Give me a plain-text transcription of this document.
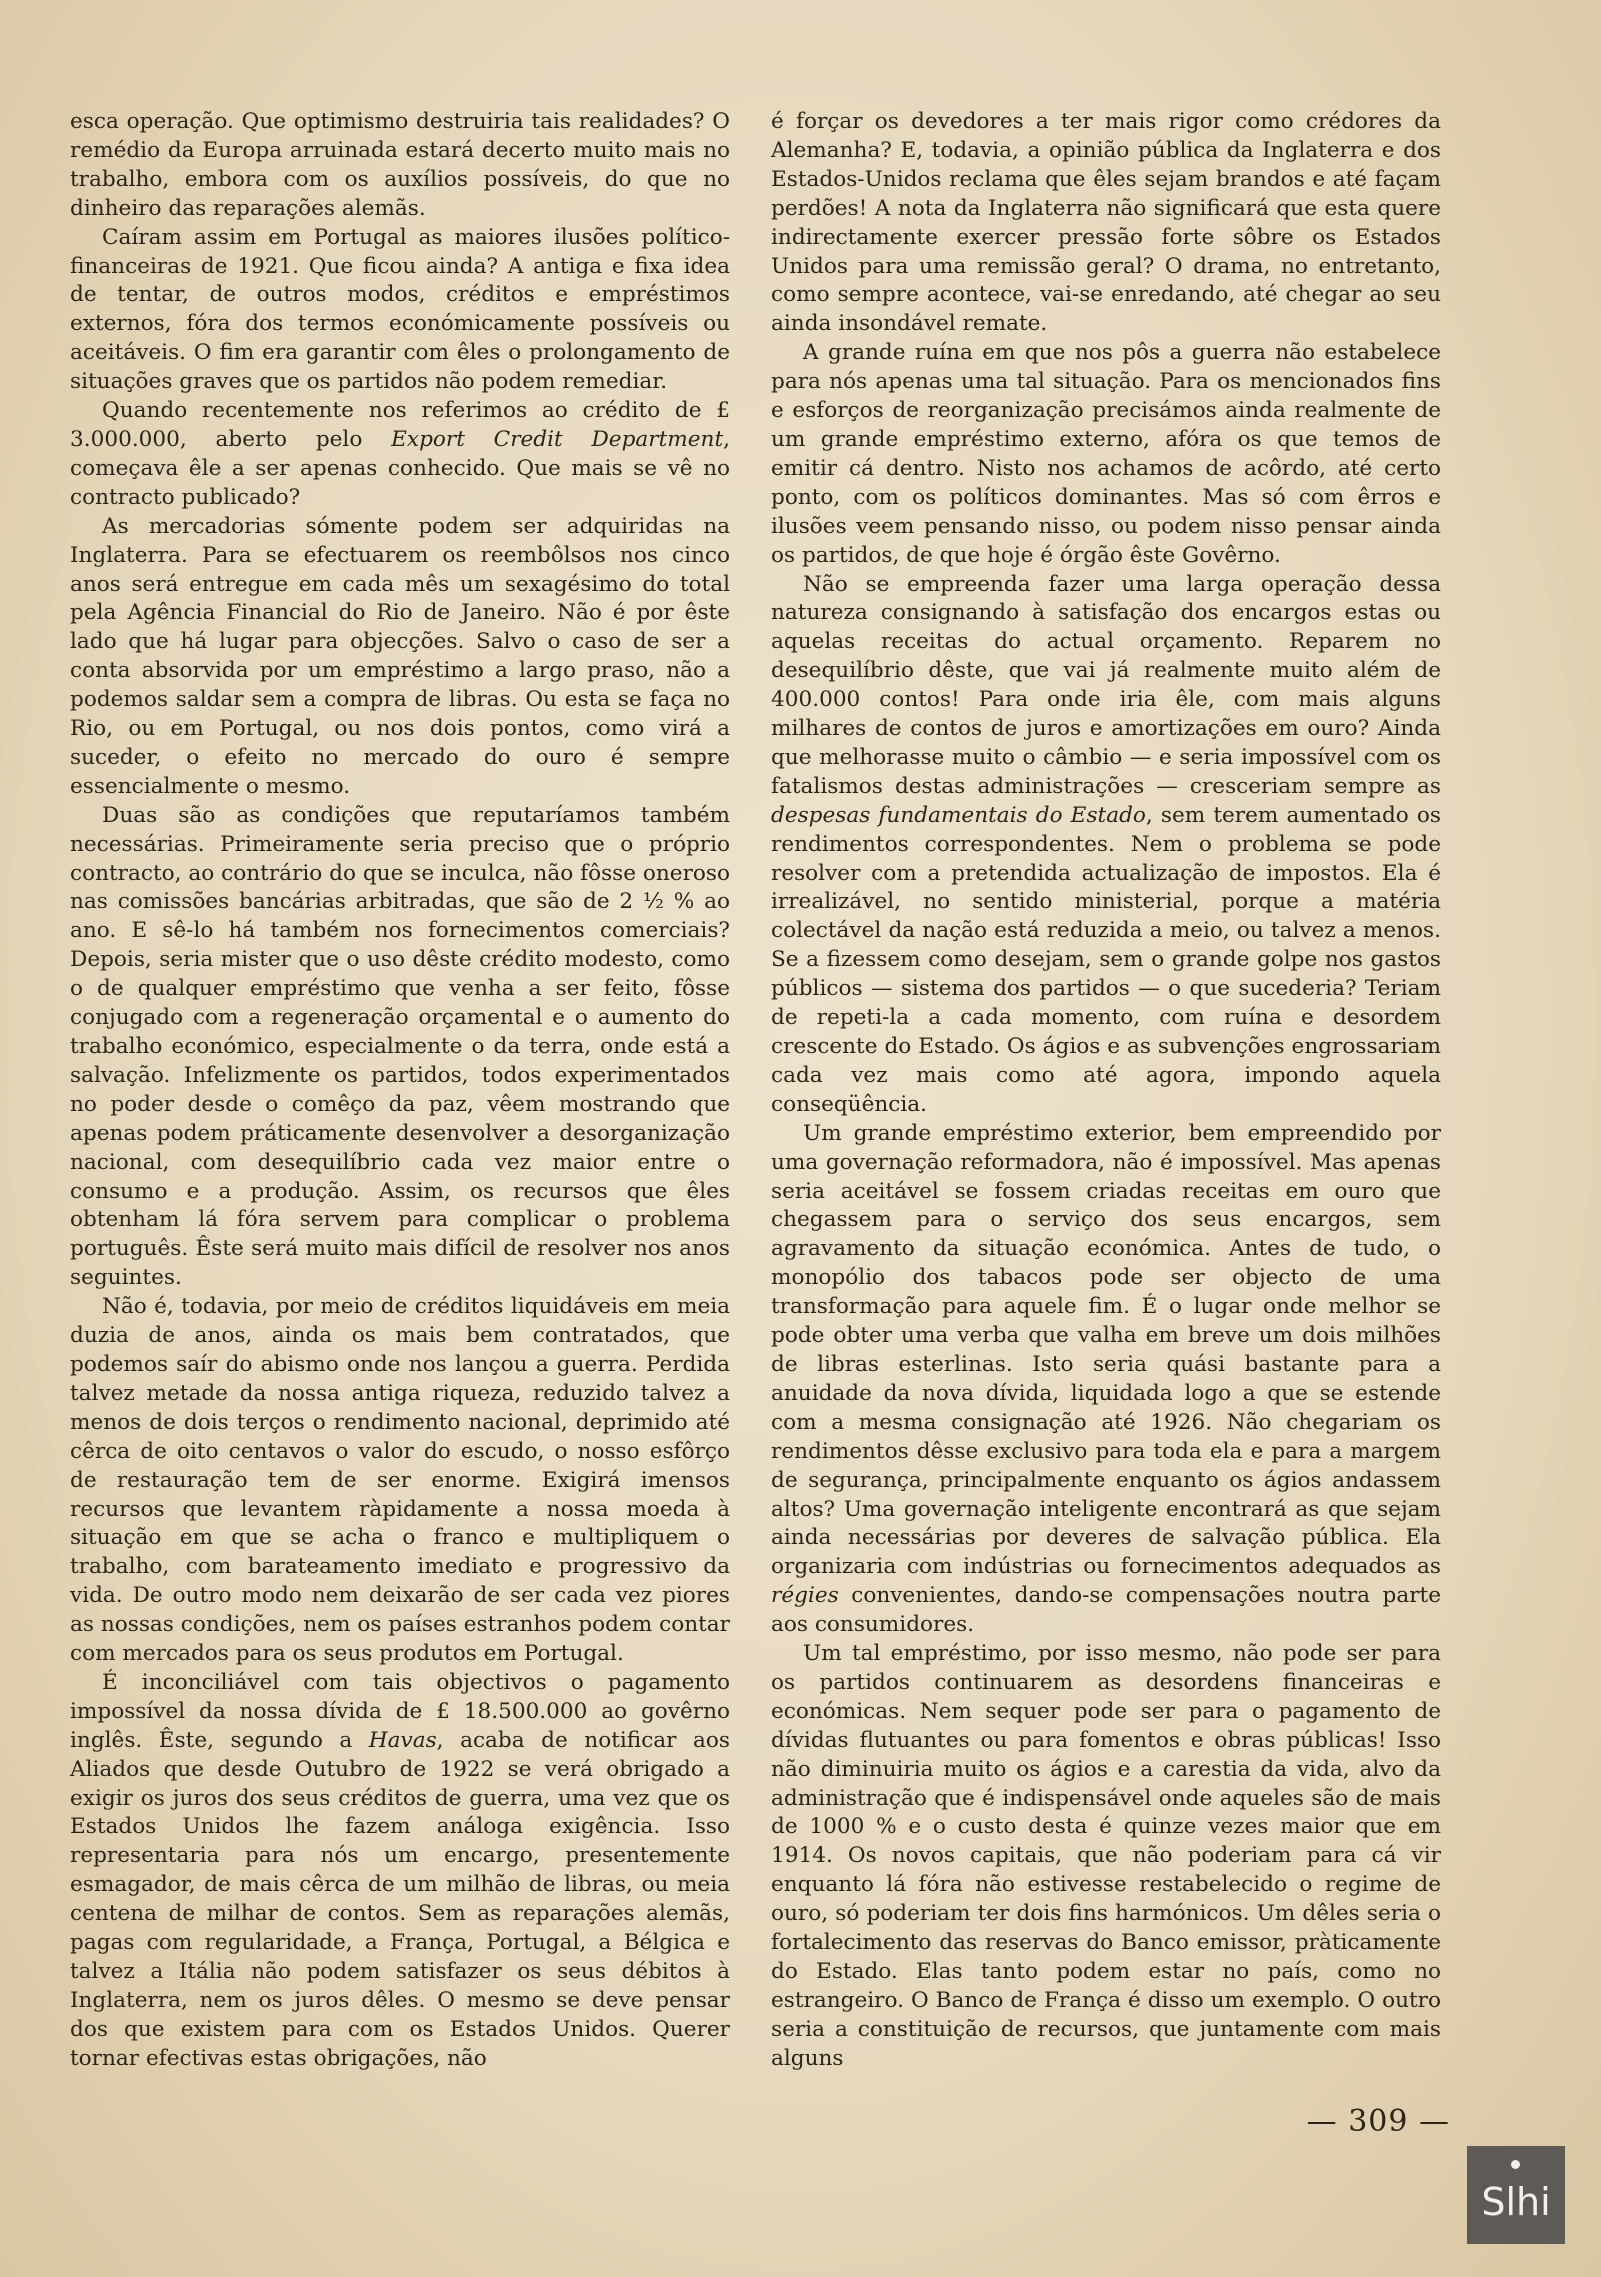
esca operação. Que optimismo destruiria tais realidades? O remédio da Europa arruinada estará decerto muito mais no trabalho, embora com os auxílios possíveis, do que no dinheiro das reparações alemãs.

Caíram assim em Portugal as maiores ilusões político-financeiras de 1921. Que ficou ainda? A antiga e fixa idea de tentar, de outros modos, créditos e empréstimos externos, fóra dos termos económicamente possíveis ou aceitáveis. O fim era garantir com êles o prolongamento de situações graves que os partidos não podem remediar.

Quando recentemente nos referimos ao crédito de £ 3.000.000, aberto pelo Export Credit Department, começava êle a ser apenas conhecido. Que mais se vê no contracto publicado?

As mercadorias sómente podem ser adquiridas na Inglaterra. Para se efectuarem os reembôlsos nos cinco anos será entregue em cada mês um sexagésimo do total pela Agência Financial do Rio de Janeiro. Não é por êste lado que há lugar para objecções. Salvo o caso de ser a conta absorvida por um empréstimo a largo praso, não a podemos saldar sem a compra de libras. Ou esta se faça no Rio, ou em Portugal, ou nos dois pontos, como virá a suceder, o efeito no mercado do ouro é sempre essencialmente o mesmo.

Duas são as condições que reputaríamos também necessárias. Primeiramente seria preciso que o próprio contracto, ao contrário do que se inculca, não fôsse oneroso nas comissões bancárias arbitradas, que são de 2 ½ % ao ano. E sê-lo há também nos fornecimentos comerciais? Depois, seria mister que o uso dêste crédito modesto, como o de qualquer empréstimo que venha a ser feito, fôsse conjugado com a regeneração orçamental e o aumento do trabalho económico, especialmente o da terra, onde está a salvação. Infelizmente os partidos, todos experimentados no poder desde o comêço da paz, vêem mostrando que apenas podem práticamente desenvolver a desorganização nacional, com desequilíbrio cada vez maior entre o consumo e a produção. Assim, os recursos que êles obtenham lá fóra servem para complicar o problema português. Êste será muito mais difícil de resolver nos anos seguintes.

Não é, todavia, por meio de créditos liquidáveis em meia duzia de anos, ainda os mais bem contratados, que podemos saír do abismo onde nos lançou a guerra. Perdida talvez metade da nossa antiga riqueza, reduzido talvez a menos de dois terços o rendimento nacional, deprimido até cêrca de oito centavos o valor do escudo, o nosso esfôrço de restauração tem de ser enorme. Exigirá imensos recursos que levantem ràpidamente a nossa moeda à situação em que se acha o franco e multipliquem o trabalho, com barateamento imediato e progressivo da vida. De outro modo nem deixarão de ser cada vez piores as nossas condições, nem os países estranhos podem contar com mercados para os seus produtos em Portugal.

É inconciliável com tais objectivos o pagamento impossível da nossa dívida de £ 18.500.000 ao govêrno inglês. Êste, segundo a Havas, acaba de notificar aos Aliados que desde Outubro de 1922 se verá obrigado a exigir os juros dos seus créditos de guerra, uma vez que os Estados Unidos lhe fazem análoga exigência. Isso representaria para nós um encargo, presentemente esmagador, de mais cêrca de um milhão de libras, ou meia centena de milhar de contos. Sem as reparações alemãs, pagas com regularidade, a França, Portugal, a Bélgica e talvez a Itália não podem satisfazer os seus débitos à Inglaterra, nem os juros dêles. O mesmo se deve pensar dos que existem para com os Estados Unidos. Querer tornar efectivas estas obrigações, não

é forçar os devedores a ter mais rigor como crédores da Alemanha? E, todavia, a opinião pública da Inglaterra e dos Estados-Unidos reclama que êles sejam brandos e até façam perdões! A nota da Inglaterra não significará que esta quere indirectamente exercer pressão forte sôbre os Estados Unidos para uma remissão geral? O drama, no entretanto, como sempre acontece, vai-se enredando, até chegar ao seu ainda insondável remate.

A grande ruína em que nos pôs a guerra não estabelece para nós apenas uma tal situação. Para os mencionados fins e esforços de reorganização precisámos ainda realmente de um grande empréstimo externo, afóra os que temos de emitir cá dentro. Nisto nos achamos de acôrdo, até certo ponto, com os políticos dominantes. Mas só com êrros e ilusões veem pensando nisso, ou podem nisso pensar ainda os partidos, de que hoje é órgão êste Govêrno.

Não se empreenda fazer uma larga operação dessa natureza consignando à satisfação dos encargos estas ou aquelas receitas do actual orçamento. Reparem no desequilíbrio dêste, que vai já realmente muito além de 400.000 contos! Para onde iria êle, com mais alguns milhares de contos de juros e amortizações em ouro? Ainda que melhorasse muito o câmbio — e seria impossível com os fatalismos destas administrações — cresceriam sempre as despesas fundamentais do Estado, sem terem aumentado os rendimentos correspondentes. Nem o problema se pode resolver com a pretendida actualização de impostos. Ela é irrealizável, no sentido ministerial, porque a matéria colectável da nação está reduzida a meio, ou talvez a menos. Se a fizessem como desejam, sem o grande golpe nos gastos públicos — sistema dos partidos — o que sucederia? Teriam de repeti-la a cada momento, com ruína e desordem crescente do Estado. Os ágios e as subvenções engrossariam cada vez mais como até agora, impondo aquela conseqüência.

Um grande empréstimo exterior, bem empreendido por uma governação reformadora, não é impossível. Mas apenas seria aceitável se fossem criadas receitas em ouro que chegassem para o serviço dos seus encargos, sem agravamento da situação económica. Antes de tudo, o monopólio dos tabacos pode ser objecto de uma transformação para aquele fim. É o lugar onde melhor se pode obter uma verba que valha em breve um dois milhões de libras esterlinas. Isto seria quási bastante para a anuidade da nova dívida, liquidada logo a que se estende com a mesma consignação até 1926. Não chegariam os rendimentos dêsse exclusivo para toda ela e para a margem de segurança, principalmente enquanto os ágios andassem altos? Uma governação inteligente encontrará as que sejam ainda necessárias por deveres de salvação pública. Ela organizaria com indústrias ou fornecimentos adequados as régies convenientes, dando-se compensações noutra parte aos consumidores.

Um tal empréstimo, por isso mesmo, não pode ser para os partidos continuarem as desordens financeiras e económicas. Nem sequer pode ser para o pagamento de dívidas flutuantes ou para fomentos e obras públicas! Isso não diminuiria muito os ágios e a carestia da vida, alvo da administração que é indispensável onde aqueles são de mais de 1000 % e o custo desta é quinze vezes maior que em 1914. Os novos capitais, que não poderiam para cá vir enquanto lá fóra não estivesse restabelecido o regime de ouro, só poderiam ter dois fins harmónicos. Um dêles seria o fortalecimento das reservas do Banco emissor, pràticamente do Estado. Elas tanto podem estar no país, como no estrangeiro. O Banco de França é disso um exemplo. O outro seria a constituição de recursos, que juntamente com mais alguns

— 309 —
Slhi
